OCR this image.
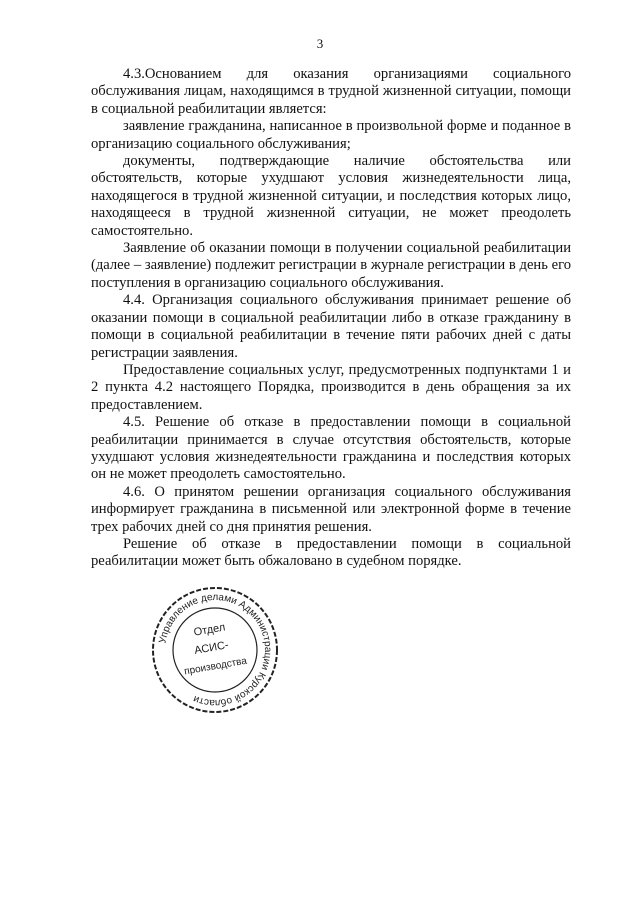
3

4.3.Основанием для оказания организациями социального обслуживания лицам, находящимся в трудной жизненной ситуации, помощи в социальной реабилитации является:

заявление гражданина, написанное в произвольной форме и поданное в организацию социального обслуживания;

документы, подтверждающие наличие обстоятельства или обстоятельств, которые ухудшают условия жизнедеятельности лица, находящегося в трудной жизненной ситуации, и последствия которых лицо, находящееся в трудной жизненной ситуации, не может преодолеть самостоятельно.

Заявление об оказании помощи в получении социальной реабилитации (далее – заявление) подлежит регистрации в журнале регистрации в день его поступления в организацию социального обслуживания.

4.4. Организация социального обслуживания принимает решение об оказании помощи в социальной реабилитации либо в отказе гражданину в помощи в социальной реабилитации в течение пяти рабочих дней с даты регистрации заявления.

Предоставление социальных услуг, предусмотренных подпунктами 1 и 2 пункта 4.2 настоящего Порядка, производится в день обращения за их предоставлением.

4.5. Решение об отказе в предоставлении помощи в социальной реабилитации принимается в случае отсутствия обстоятельств, которые ухудшают условия жизнедеятельности гражданина и последствия которых он не может преодолеть самостоятельно.

4.6. О принятом решении организация социального обслуживания информирует гражданина в письменной или электронной форме в течение трех рабочих дней со дня принятия решения.

Решение об отказе в предоставлении помощи в социальной реабилитации может быть обжаловано в судебном порядке.

Управление делами Администрации Курской области
Отдел
АСИС-
производства
